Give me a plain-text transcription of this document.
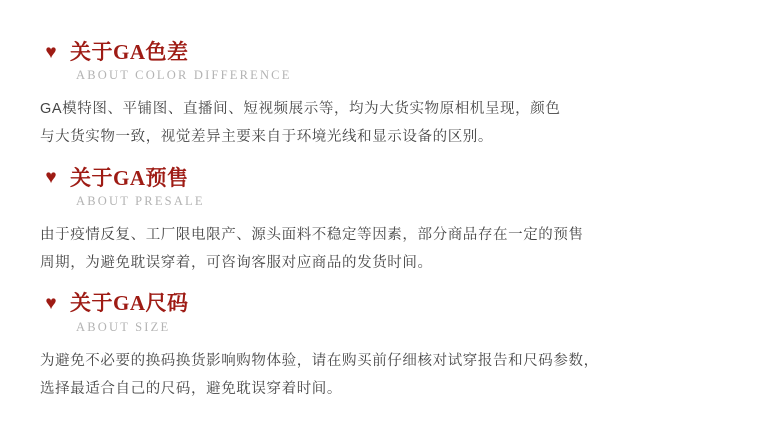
♥ 关于GA色差
ABOUT COLOR DIFFERENCE
GA模特图、平铺图、直播间、短视频展示等，均为大货实物原相机呈现，颜色
与大货实物一致，视觉差异主要来自于环境光线和显示设备的区别。
♥ 关于GA预售
ABOUT PRESALE
由于疫情反复、工厂限电限产、源头面料不稳定等因素，部分商品存在一定的预售
周期，为避免耽误穿着，可咨询客服对应商品的发货时间。
♥ 关于GA尺码
ABOUT SIZE
为避免不必要的换码换货影响购物体验，请在购买前仔细核对试穿报告和尺码参数，
选择最适合自己的尺码，避免耽误穿着时间。
